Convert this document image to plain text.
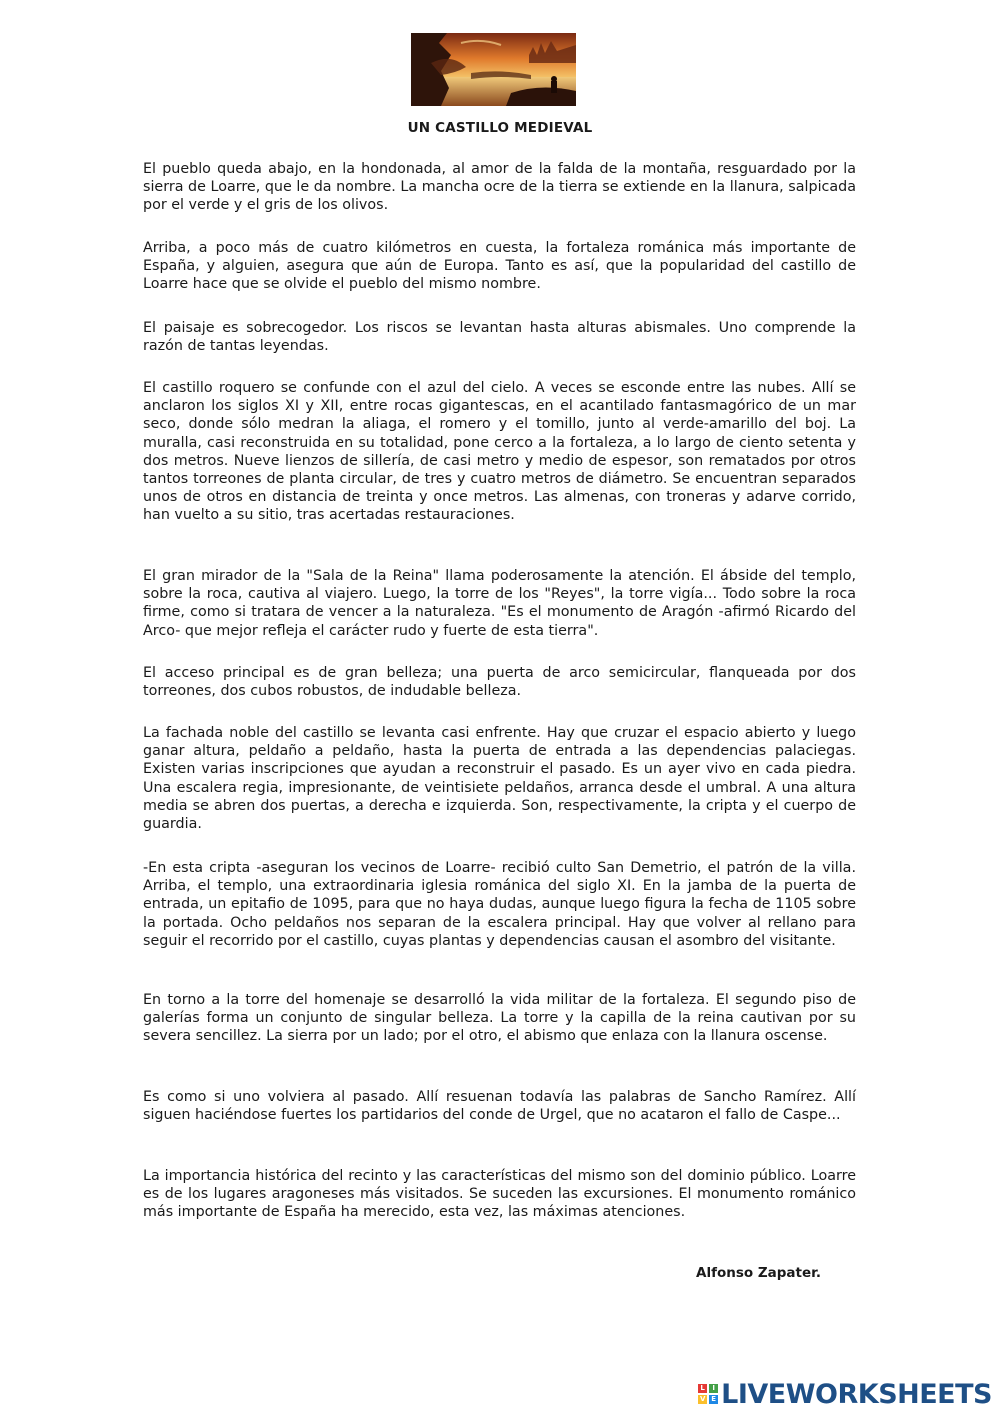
UN CASTILLO MEDIEVAL

El pueblo queda abajo, en la hondonada, al amor de la falda de la montaña, resguardado por la sierra de Loarre, que le da nombre. La mancha ocre de la tierra se extiende en la llanura, salpicada por el verde y el gris de los olivos.

Arriba, a poco más de cuatro kilómetros en cuesta, la fortaleza románica más importante de España, y alguien, asegura que aún de Europa. Tanto es así, que la popularidad del castillo de Loarre hace que se olvide el pueblo del mismo nombre.

El paisaje es sobrecogedor. Los riscos se levantan hasta alturas abismales. Uno comprende la razón de tantas leyendas.

El castillo roquero se confunde con el azul del cielo. A veces se esconde entre las nubes. Allí se anclaron los siglos XI y XII, entre rocas gigantescas, en el acantilado fantasmagórico de un mar seco, donde sólo medran la aliaga, el romero y el tomillo, junto al verde-amarillo del boj. La muralla, casi reconstruida en su totalidad, pone cerco a la fortaleza, a lo largo de ciento setenta y dos metros. Nueve lienzos de sillería, de casi metro y medio de espesor, son rematados por otros tantos torreones de planta circular, de tres y cuatro metros de diámetro. Se encuentran separados unos de otros en distancia de treinta y once metros. Las almenas, con troneras y adarve corrido, han vuelto a su sitio, tras acertadas restauraciones.

El gran mirador de la "Sala de la Reina" llama poderosamente la atención. El ábside del templo, sobre la roca, cautiva al viajero. Luego, la torre de los "Reyes", la torre vigía... Todo sobre la roca firme, como si tratara de vencer a la naturaleza. "Es el monumento de Aragón -afirmó Ricardo del Arco- que mejor refleja el carácter rudo y fuerte de esta tierra".

El acceso principal es de gran belleza; una puerta de arco semicircular, flanqueada por dos torreones, dos cubos robustos, de indudable belleza.

La fachada noble del castillo se levanta casi enfrente. Hay que cruzar el espacio abierto y luego ganar altura, peldaño a peldaño, hasta la puerta de entrada a las dependencias palaciegas. Existen varias inscripciones que ayudan a reconstruir el pasado. Es un ayer vivo en cada piedra. Una escalera regia, impresionante, de veintisiete peldaños, arranca desde el umbral. A una altura media se abren dos puertas, a derecha e izquierda. Son, respectivamente, la cripta y el cuerpo de guardia.

-En esta cripta -aseguran los vecinos de Loarre- recibió culto San Demetrio, el patrón de la villa. Arriba, el templo, una extraordinaria iglesia románica del siglo XI. En la jamba de la puerta de entrada, un epitafio de 1095, para que no haya dudas, aunque luego figura la fecha de 1105 sobre la portada. Ocho peldaños nos separan de la escalera principal. Hay que volver al rellano para seguir el recorrido por el castillo, cuyas plantas y dependencias causan el asombro del visitante.

En torno a la torre del homenaje se desarrolló la vida militar de la fortaleza. El segundo piso de galerías forma un conjunto de singular belleza. La torre y la capilla de la reina cautivan por su severa sencillez. La sierra por un lado; por el otro, el abismo que enlaza con la llanura oscense.

Es como si uno volviera al pasado. Allí resuenan todavía las palabras de Sancho Ramírez. Allí siguen haciéndose fuertes los partidarios del conde de Urgel, que no acataron el fallo de Caspe...

La importancia histórica del recinto y las características del mismo son del dominio público. Loarre es de los lugares aragoneses más visitados. Se suceden las excursiones. El monumento románico más importante de España ha merecido, esta vez, las máximas atenciones.

Alfonso Zapater.
L	I
V E LIVEWORKSHEETS
